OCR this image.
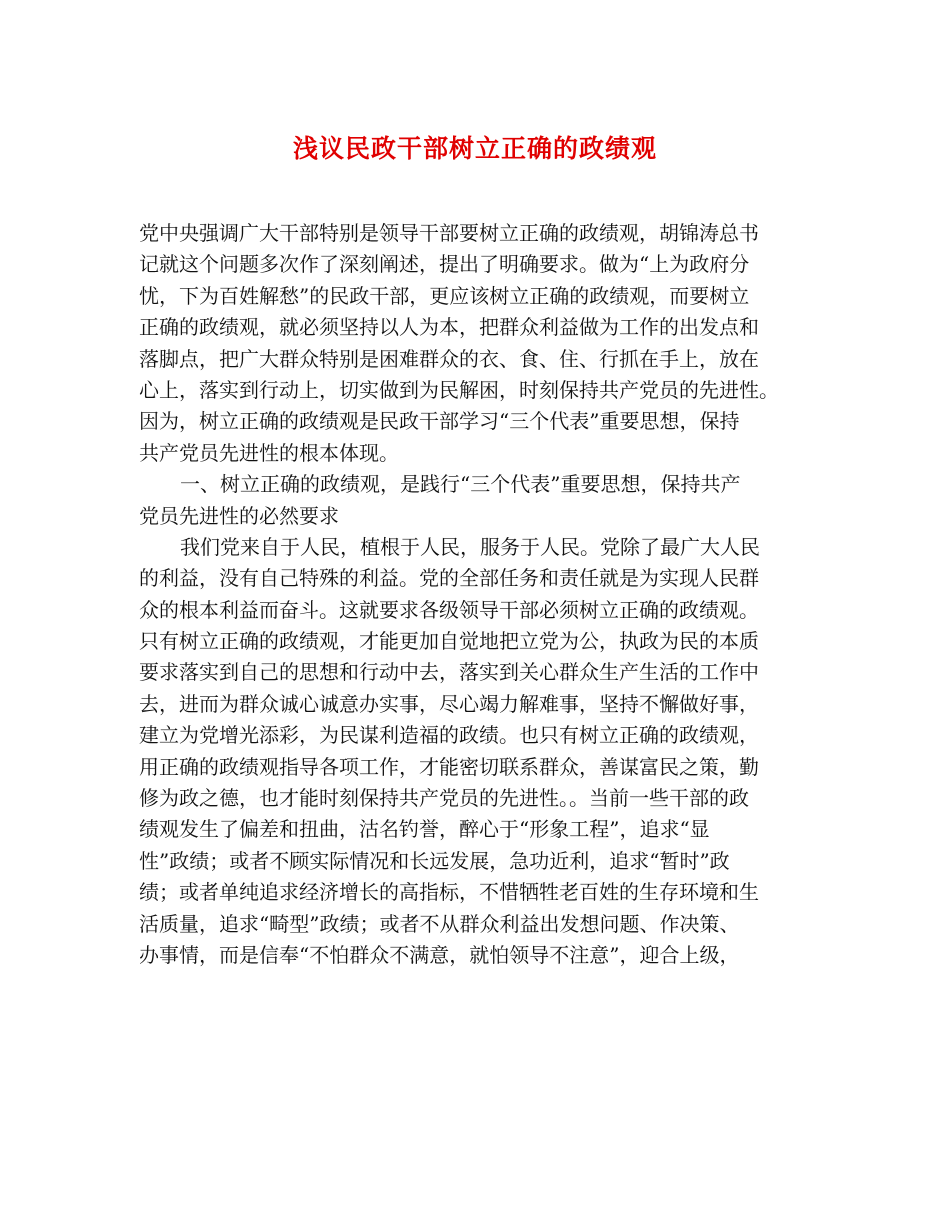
浅议民政干部树立正确的政绩观
党中央强调广大干部特别是领导干部要树立正确的政绩观，胡锦涛总书
记就这个问题多次作了深刻阐述，提出了明确要求。做为“上为政府分
忧，下为百姓解愁”的民政干部，更应该树立正确的政绩观，而要树立
正确的政绩观，就必须坚持以人为本，把群众利益做为工作的出发点和
落脚点，把广大群众特别是困难群众的衣、食、住、行抓在手上，放在
心上，落实到行动上，切实做到为民解困，时刻保持共产党员的先进性。
因为，树立正确的政绩观是民政干部学习“三个代表”重要思想，保持
共产党员先进性的根本体现。
一、树立正确的政绩观，是践行“三个代表”重要思想，保持共产
党员先进性的必然要求
我们党来自于人民，植根于人民，服务于人民。党除了最广大人民
的利益，没有自己特殊的利益。党的全部任务和责任就是为实现人民群
众的根本利益而奋斗。这就要求各级领导干部必须树立正确的政绩观。
只有树立正确的政绩观，才能更加自觉地把立党为公，执政为民的本质
要求落实到自己的思想和行动中去，落实到关心群众生产生活的工作中
去，进而为群众诚心诚意办实事，尽心竭力解难事，坚持不懈做好事，
建立为党增光添彩，为民谋利造福的政绩。也只有树立正确的政绩观，
用正确的政绩观指导各项工作，才能密切联系群众，善谋富民之策，勤
修为政之德，也才能时刻保持共产党员的先进性。。当前一些干部的政
绩观发生了偏差和扭曲，沽名钓誉，醉心于“形象工程”，追求“显
性”政绩；或者不顾实际情况和长远发展，急功近利，追求“暂时”政
绩；或者单纯追求经济增长的高指标，不惜牺牲老百姓的生存环境和生
活质量，追求“畸型”政绩；或者不从群众利益出发想问题、作决策、
办事情，而是信奉“不怕群众不满意，就怕领导不注意”，迎合上级，
